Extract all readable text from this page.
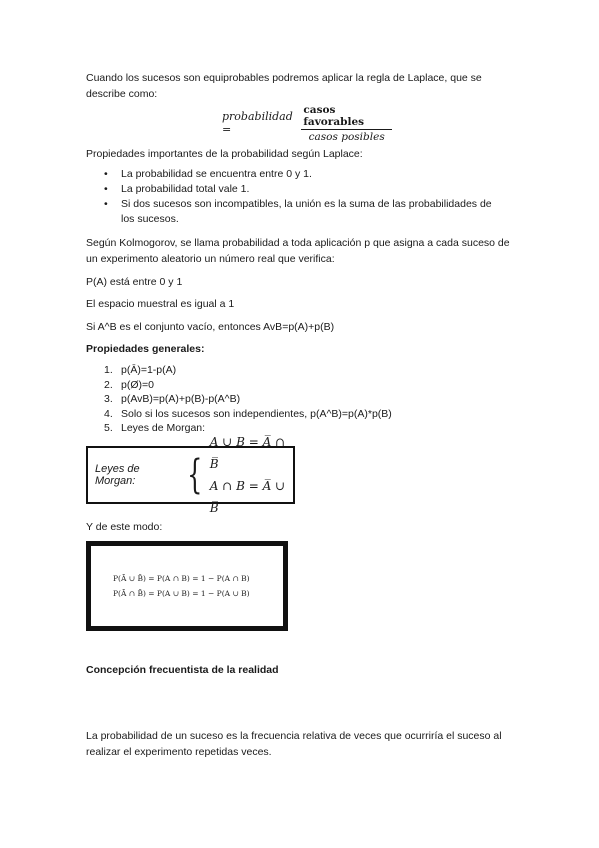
Cuando los sucesos son equiprobables podremos aplicar la regla de Laplace, que se describe como:

probabilidad =	$\frac{\text{casos favorables}}{\text{casos posibles}}$

Propiedades importantes de la probabilidad según Laplace:

• La probabilidad se encuentra entre 0 y 1.
• La probabilidad total vale 1.
• Si dos sucesos son incompatibles, la unión es la suma de las probabilidades de los sucesos.

Según Kolmogorov, se llama probabilidad a toda aplicación p que asigna a cada suceso de un experimento aleatorio un número real que verifica:

P(A) está entre 0 y 1

El espacio muestral es igual a 1

Si A^B es el conjunto vacío, entonces AvB=p(A)+p(B)

Propiedades generales:

1. p(Ā)=1-p(A)
2. p(Ø)=0
3. p(AvB)=p(A)+p(B)-p(A^B)
4. Solo si los sucesos son independientes, p(A^B)=p(A)*p(B)
5. Leyes de Morgan:
Leyes de Morgan:	{
A ∪ B = A̅ ∩ B̅
A ∩ B = A̅ ∪ B̅

Y de este modo:

P(Ā ∪ B̄) = P(A ∩ B) = 1 − P(A ∩ B)
P(Ā ∩ B̄) = P(A ∪ B) = 1 − P(A ∪ B)

Concepción frecuentista de la realidad

La probabilidad de un suceso es la frecuencia relativa de veces que ocurriría el suceso al realizar el experimento repetidas veces.
